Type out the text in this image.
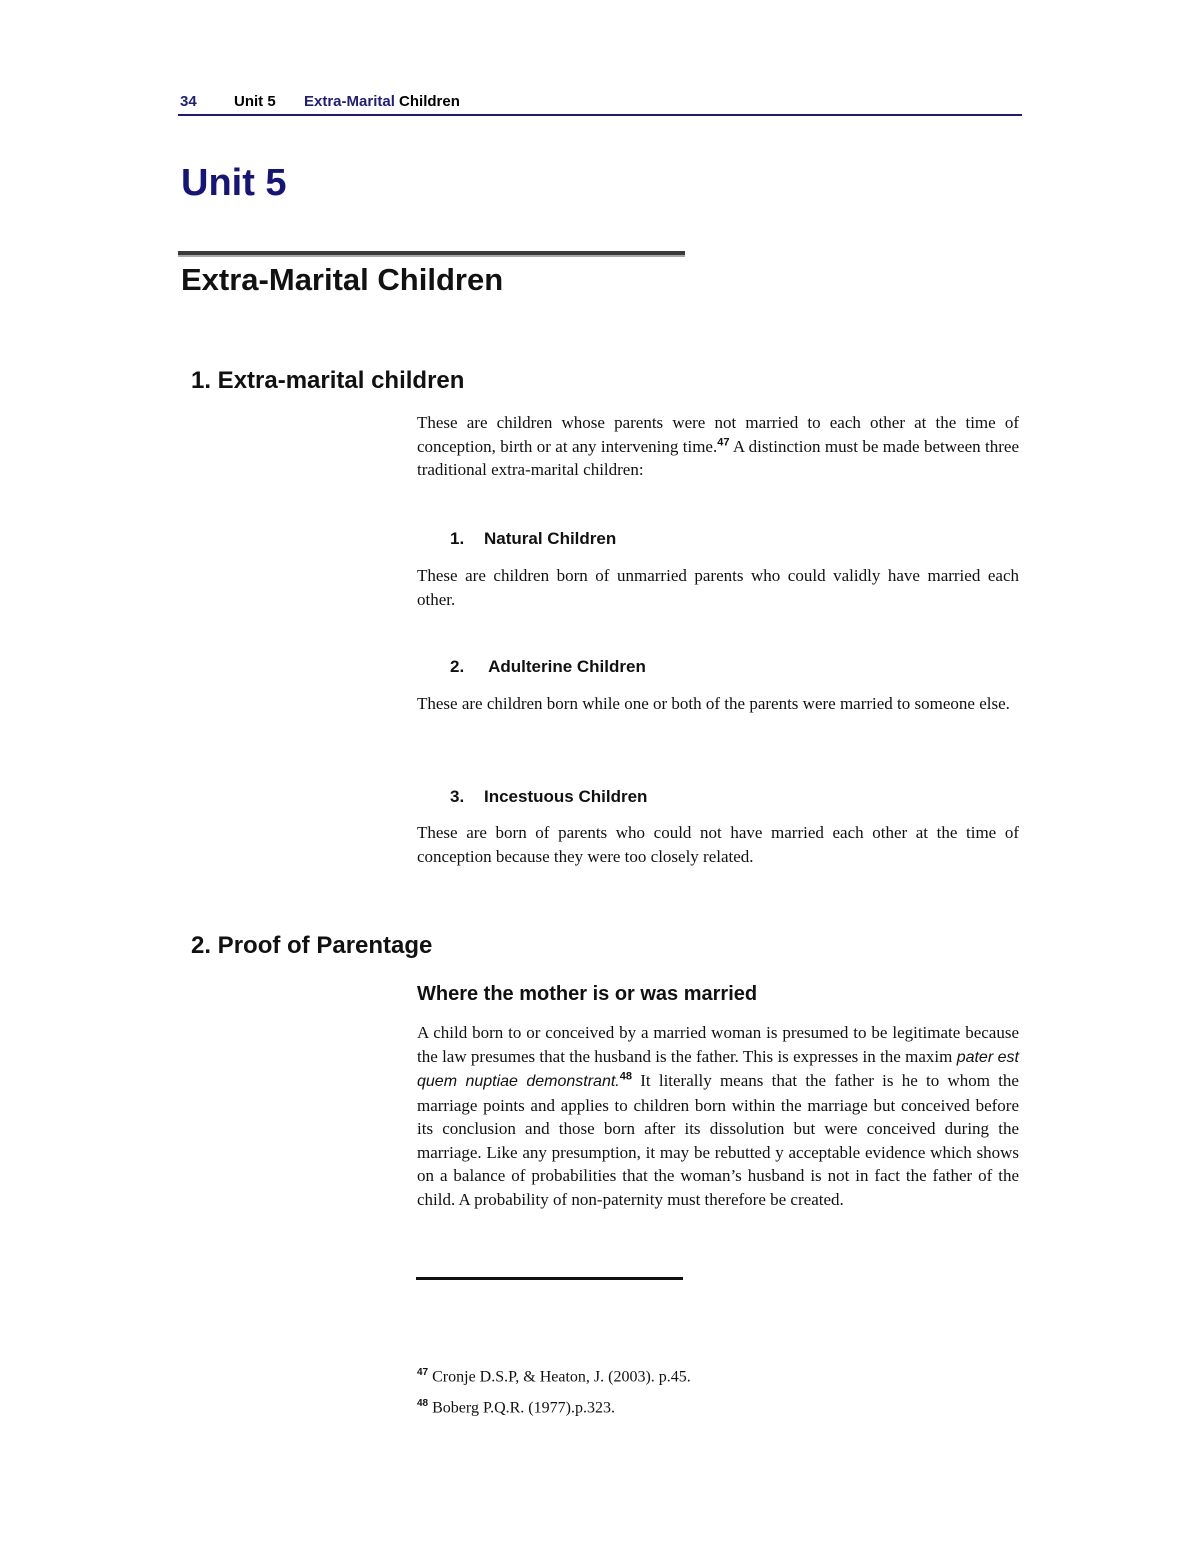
34 Unit 5 Extra-Marital Children
Unit 5
Extra-Marital Children
1. Extra-marital children
These are children whose parents were not married to each other at the time of conception, birth or at any intervening time.$^{47}$ A distinction must be made between three traditional extra-marital children:
1. Natural Children
These are children born of unmarried parents who could validly have married each other.
2. Adulterine Children
These are children born while one or both of the parents were married to someone else.
3. Incestuous Children
These are born of parents who could not have married each other at the time of conception because they were too closely related.
2. Proof of Parentage
Where the mother is or was married
A child born to or conceived by a married woman is presumed to be legitimate because the law presumes that the husband is the father. This is expresses in the maxim pater est quem nuptiae demonstrant.$^{48}$ It literally means that the father is he to whom the marriage points and applies to children born within the marriage but conceived before its conclusion and those born after its dissolution but were conceived during the marriage. Like any presumption, it may be rebutted y acceptable evidence which shows on a balance of probabilities that the woman’s husband is not in fact the father of the child. A probability of non-paternity must therefore be created.
$^{47}$ Cronje D.S.P, & Heaton, J. (2003). p.45.
$^{48}$ Boberg P.Q.R. (1977).p.323.
